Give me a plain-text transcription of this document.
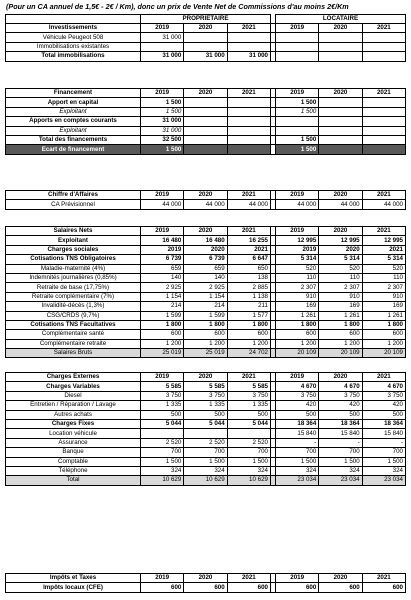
(Pour un CA annuel de 1,5€ - 2€ / Km), donc un prix de Vente Net de Commissions d'au moins 2€/Km
	PROPRIETAIRE		LOCATAIRE
Investissements	2019	2020	2021		2019	2020	2021
Véhicule Peugeot 508	31 000						
Immobilisations existantes							
Total immobilisations	31 000	31 000	31 000				
Financement	2019	2020	2021		2019	2020	2021
Apport en capital	1 500				1 500		
Exploitant	1 500				1 500		
Apports en comptes courants	31 000						
Exploitant	31 000						
Total des financements	32 500				1 500		
Ecart de financement	1 500				1 500		
Chiffre d'Affaires	2019	2020	2021		2019	2020	2021
CA Prévisionnel	44 000	44 000	44 000		44 000	44 000	44 000
Salaires Nets	2019	2020	2021		2019	2020	2021
Exploitant	16 480	16 480	16 255		12 995	12 995	12 995
Charges sociales	2019	2020	2021		2019	2020	2021
Cotisations TNS Obligatoires	6 739	6 739	6 647		5 314	5 314	5 314
Maladie-maternité (4%)	659	659	650		520	520	520
Indemnités journalières (0,85%)	140	140	138		110	110	110
Retraite de base (17,75%)	2 925	2 925	2 885		2 307	2 307	2 307
Retraite complémentaire (7%)	1 154	1 154	1 138		910	910	910
Invalidité-décès (1,3%)	214	214	211		169	169	169
CSG/CRDS (9,7%)	1 599	1 599	1 577		1 261	1 261	1 261
Cotisations TNS Facultatives	1 800	1 800	1 800		1 800	1 800	1 800
Complémentaire santé	600	600	600		600	600	600
Complémentaire retraite	1 200	1 200	1 200		1 200	1 200	1 200
Salaires Bruts	25 019	25 019	24 702		20 109	20 109	20 109
Charges Externes	2019	2020	2021		2019	2020	2021
Charges Variables	5 585	5 585	5 585		4 670	4 670	4 670
Diesel	3 750	3 750	3 750		3 750	3 750	3 750
Entretien / Réparation / Lavage	1 335	1 335	1 335		420	420	420
Autres achats	500	500	500		500	500	500
Charges Fixes	5 044	5 044	5 044		18 364	18 364	18 364
Location véhicule					15 840	15 840	15 840
Assurance	2 520	2 520	2 520		-	-	-
Banque	700	700	700		700	700	700
Comptable	1 500	1 500	1 500		1 500	1 500	1 500
Téléphone	324	324	324		324	324	324
Total	10 629	10 629	10 629		23 034	23 034	23 034
Impôts et Taxes	2019	2020	2021		2019	2020	2021
Impôts locaux (CFE)	600	600	600		600	600	600
